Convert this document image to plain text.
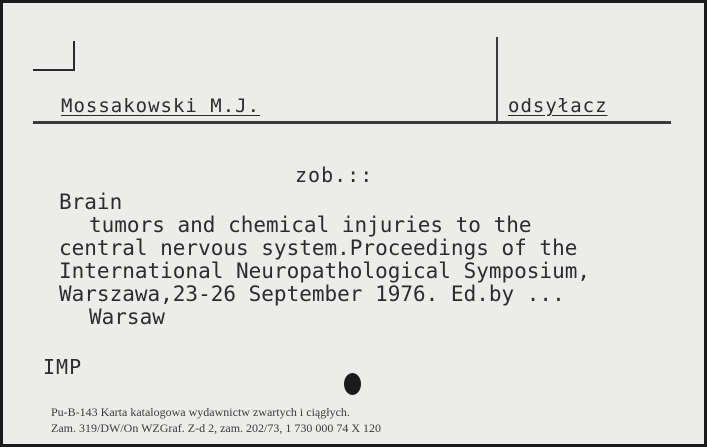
Mossakowski M.J.	odsyłacz
zob.::
Brain
tumors and chemical injuries to the
central nervous system.Proceedings of the
International Neuropathological Symposium,
Warszawa,23-26 September 1976. Ed.by ...
Warsaw
IMP
Pu-B-143 Karta katalogowa wydawnictw zwartych i ciągłych.
Zam. 319/DW/On WZGraf. Z-d 2, zam. 202/73, 1 730 000 74 X 120
